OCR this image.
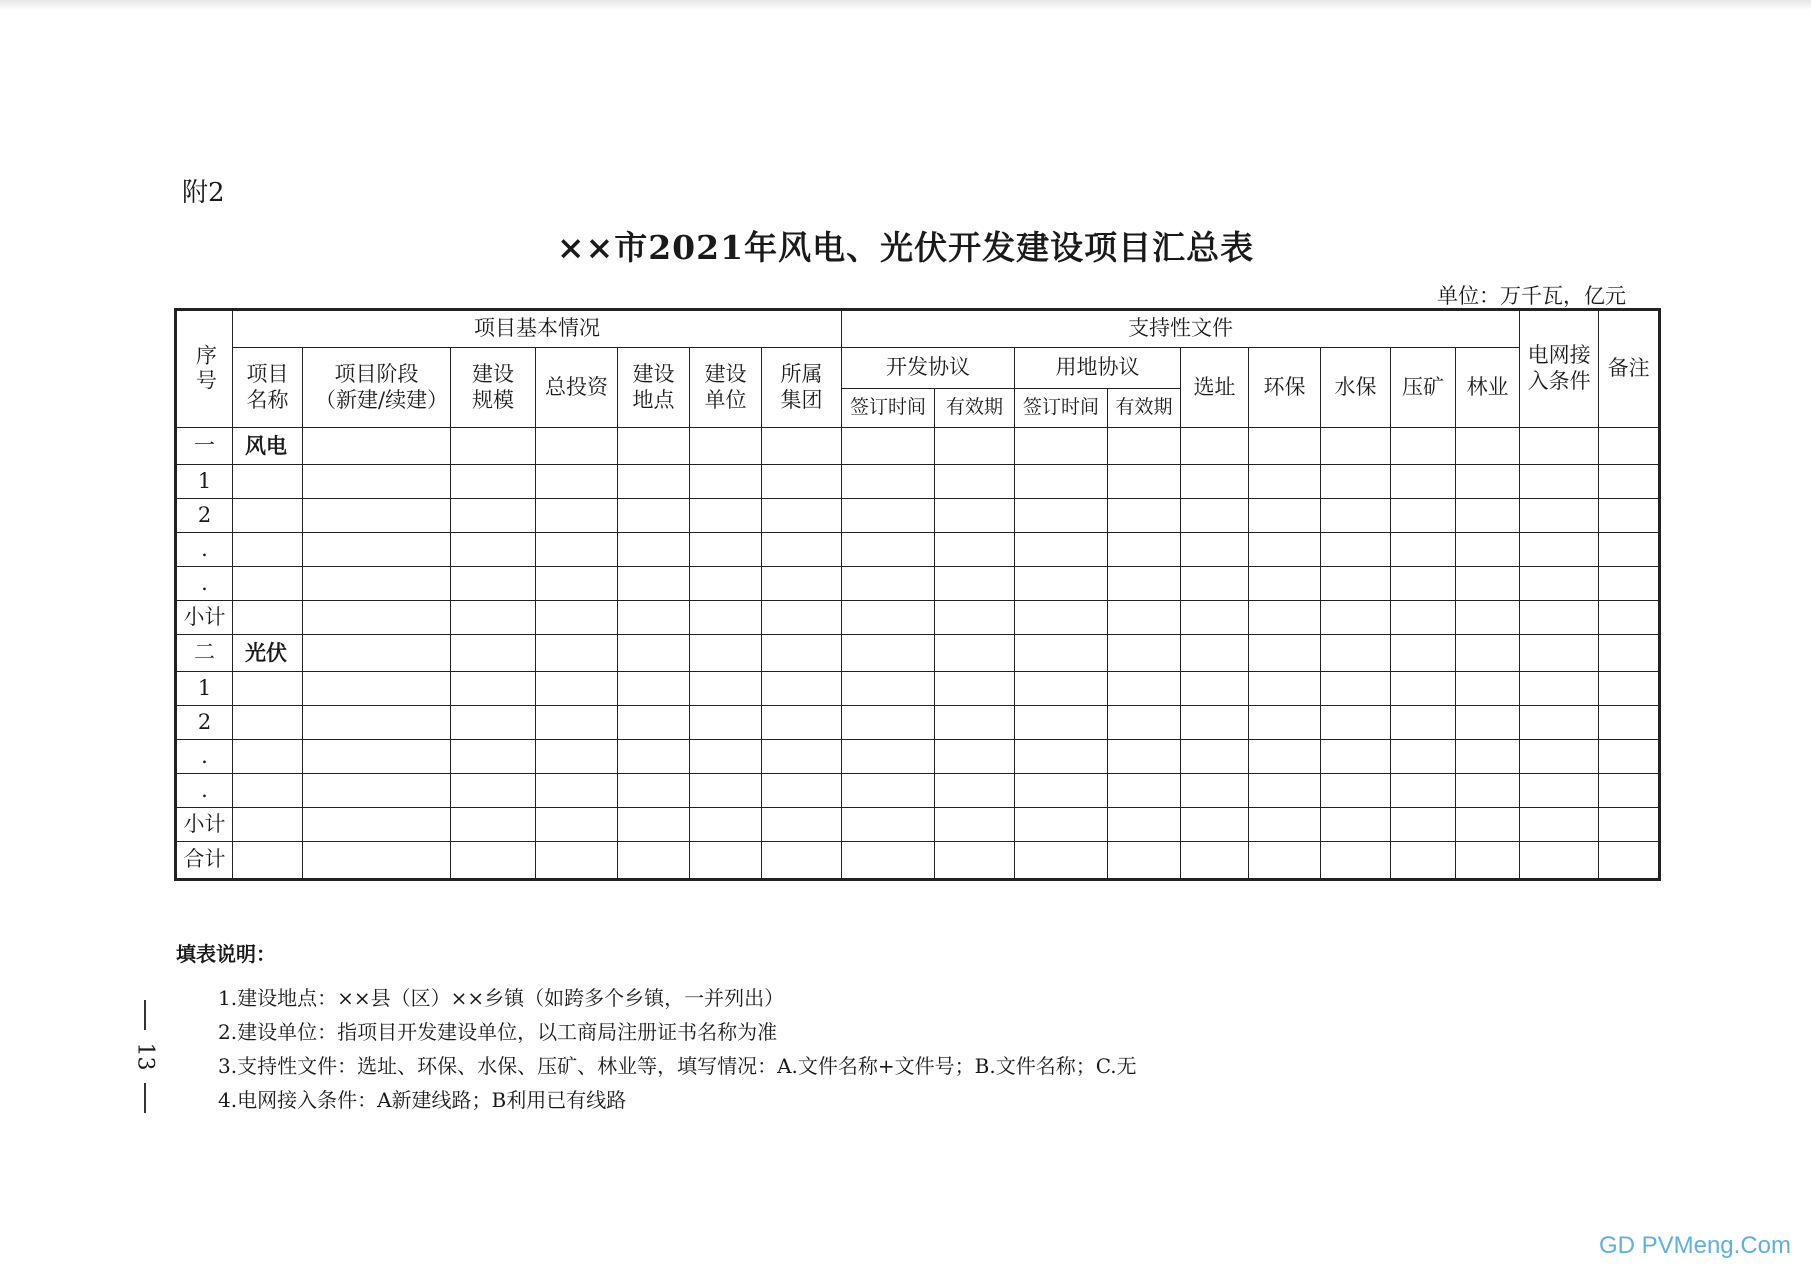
附2
××市2021年风电、光伏开发建设项目汇总表
单位：万千瓦，亿元
序号	项目基本情况							支持性文件									电网接入条件	备注
	项目名称	项目阶段（新建/续建）	建设规模	总投资	建设地点	建设单位	所属集团	开发协议		用地协议		选址	环保	水保	压矿	林业		
								签订时间	有效期	签订时间	有效期							
一	风电																	
1																		
2																		
.																		
.																		
小计																		
二	光伏																	
1																		
2																		
.																		
.																		
小计																		
合计																		
填表说明：
1.建设地点：××县（区）××乡镇（如跨多个乡镇，一并列出）
2.建设单位：指项目开发建设单位，以工商局注册证书名称为准
3.支持性文件：选址、环保、水保、压矿、林业等，填写情况：A.文件名称+文件号；B.文件名称；C.无
4.电网接入条件：A新建线路；B利用已有线路
13
GD PVMeng.Com
